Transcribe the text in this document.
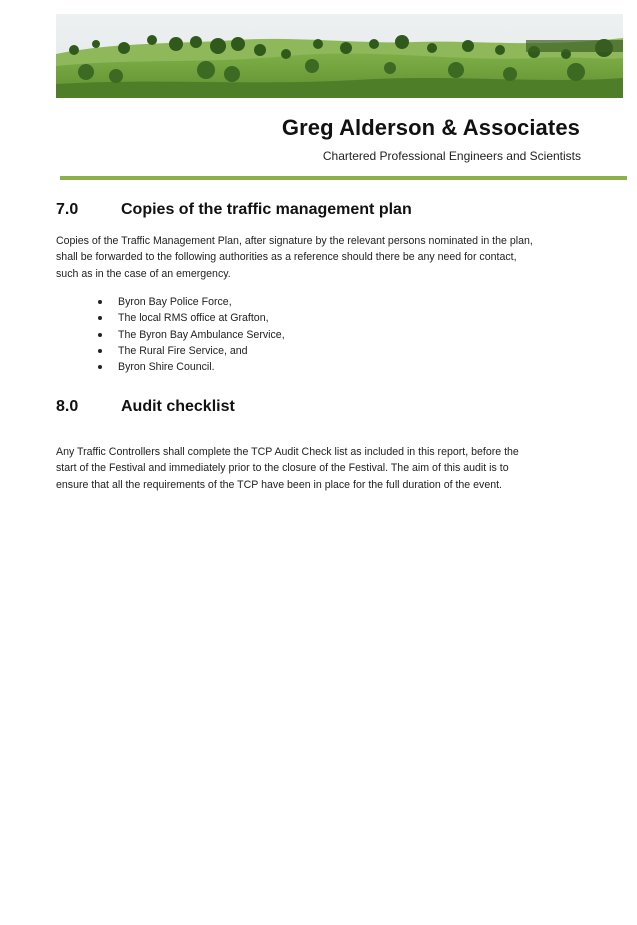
Greg Alderson & Associates
Chartered Professional Engineers and Scientists
7.0	Copies of the traffic management plan
Copies of the Traffic Management Plan, after signature by the relevant persons nominated in the plan,
shall be forwarded to the following authorities as a reference should there be any need for contact,
such as in the case of an emergency.
Byron Bay Police Force,
The local RMS office at Grafton,
The Byron Bay Ambulance Service,
The Rural Fire Service, and
Byron Shire Council.
8.0	Audit checklist
Any Traffic Controllers shall complete the TCP Audit Check list as included in this report, before the
start of the Festival and immediately prior to the closure of the Festival. The aim of this audit is to
ensure that all the requirements of the TCP have been in place for the full duration of the event.
